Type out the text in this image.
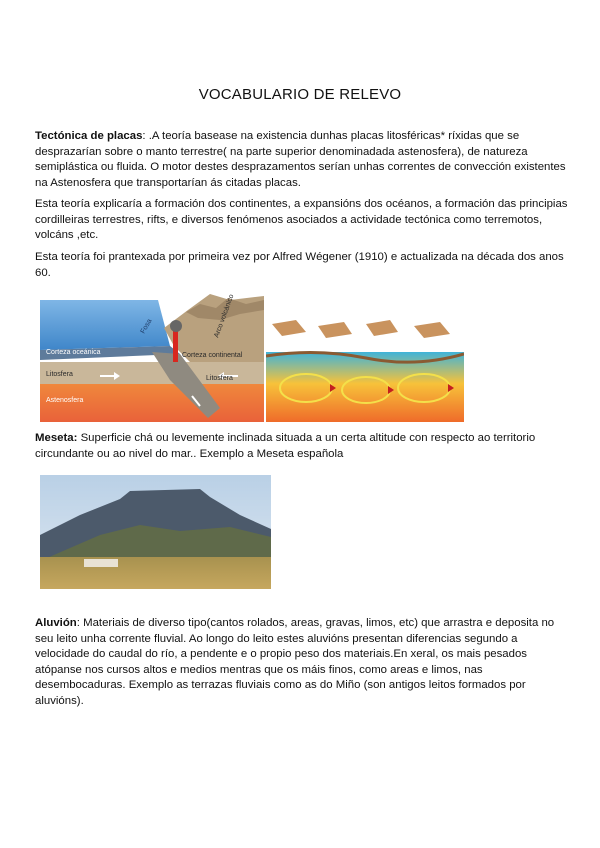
VOCABULARIO DE RELEVO

Tectónica de placas: .A teoría basease na existencia dunhas placas litosféricas* ríxidas que se desprazarían sobre o manto terrestre( na parte superior denominadada astenosfera), de natureza semiplástica ou fluida. O motor destes desprazamentos serían unhas correntes de convección existentes na Astenosfera que transportarían ás citadas placas.

Esta teoría explicaría a formación dos continentes, a expansións dos océanos, a formación das principias cordilleiras terrestres, rifts, e diversos fenómenos asociados a actividade tectónica como terremotos, volcáns ,etc.

Esta teoría foi prantexada por primeira vez por Alfred Wégener (1910) e actualizada na década dos anos 60.

Corteza oceánica
Fosa	Arco volcánico
Corteza continental
Litosfera
Litosfera
Astenosfera

Meseta: Superficie chá ou levemente inclinada situada a un certa altitude con respecto ao territorio circundante ou ao nivel do mar.. Exemplo a Meseta española

Aluvión: Materiais de diverso tipo(cantos rolados, areas, gravas, limos, etc) que arrastra e deposita no seu leito unha corrente fluvial. Ao longo do leito estes aluvións presentan diferencias segundo a velocidade do caudal do río, a pendente e o propio peso dos materiais.En xeral, os mais pesados atópanse nos cursos altos e medios mentras que os máis finos, como areas e limos, nas desembocaduras. Exemplo as terrazas fluviais como as do Miño (son antigos leitos formados por aluvións).
